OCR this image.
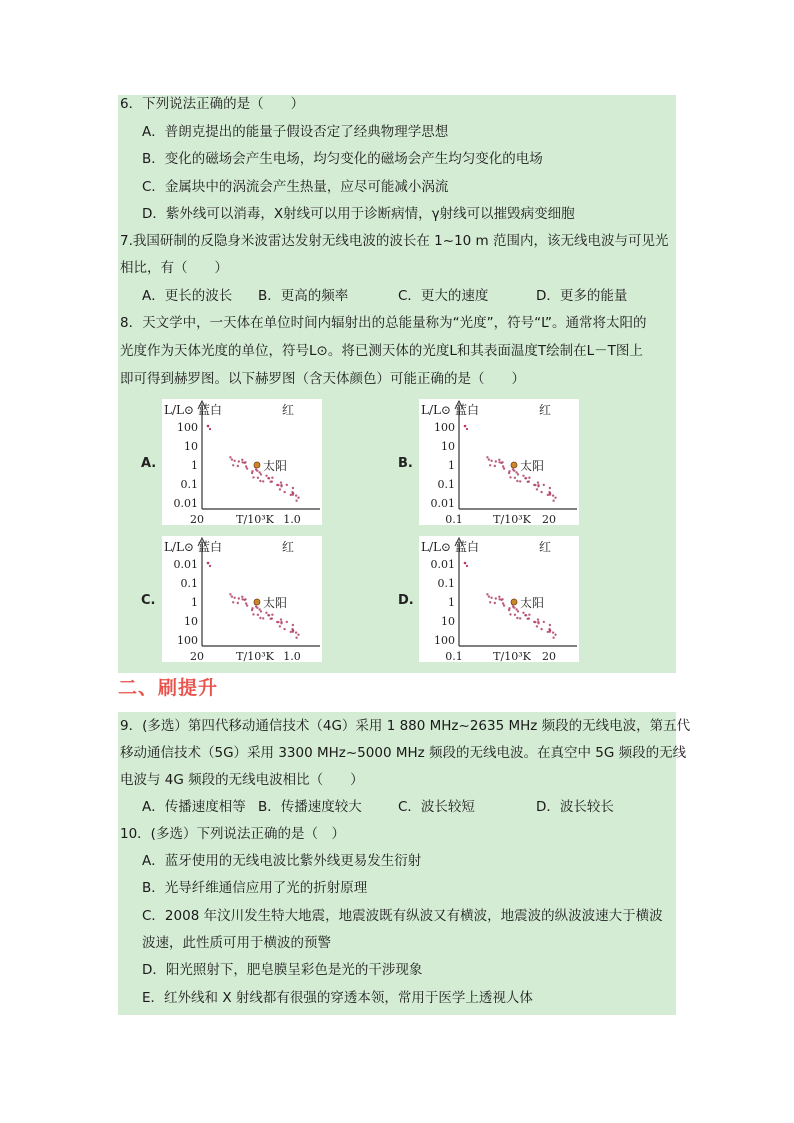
6．下列说法正确的是（　　）
A．普朗克提出的能量子假设否定了经典物理学思想
B．变化的磁场会产生电场，均匀变化的磁场会产生均匀变化的电场
C．金属块中的涡流会产生热量，应尽可能减小涡流
D．紫外线可以消毒，X射线可以用于诊断病情，γ射线可以摧毁病变细胞
7.我国研制的反隐身米波雷达发射无线电波的波长在 1~10 m 范围内，该无线电波与可见光
相比，有（　　）
A．更长的波长 B．更高的频率	C．更大的速度	D．更多的能量
8．天文学中，一天体在单位时间内辐射出的总能量称为“光度”，符号“L”。通常将太阳的
光度作为天体光度的单位，符号L⊙。将已测天体的光度L和其表面温度T绘制在L－T图上
即可得到赫罗图。以下赫罗图（含天体颜色）可能正确的是（　　）
A.	B.
C.	D.
L/L⊙ 蓝白	红
100
10
1
0.1
0.01
20	T/10³K 1.0
太阳
L/L⊙ 蓝白	红
100
10
1
0.1
0.01
0.1	T/10³K 20
太阳
L/L⊙ 蓝白	红
0.01
0.1
1
10
100
20	T/10³K 1.0
太阳
L/L⊙ 蓝白	红
0.01
0.1
1
10
100
0.1	T/10³K 20
太阳
二、刷提升
9．(多选）第四代移动通信技术（4G）采用 1 880 MHz~2635 MHz 频段的无线电波，第五代
移动通信技术（5G）采用 3300 MHz~5000 MHz 频段的无线电波。在真空中 5G 频段的无线
电波与 4G 频段的无线电波相比（　　）
A．传播速度相等 B．传播速度较大	C．波长较短	D．波长较长
10．(多选）下列说法正确的是（　）
A．蓝牙使用的无线电波比紫外线更易发生衍射
B．光导纤维通信应用了光的折射原理
C．2008 年汶川发生特大地震，地震波既有纵波又有横波，地震波的纵波波速大于横波
波速，此性质可用于横波的预警
D．阳光照射下，肥皂膜呈彩色是光的干涉现象
E．红外线和 X 射线都有很强的穿透本领，常用于医学上透视人体
